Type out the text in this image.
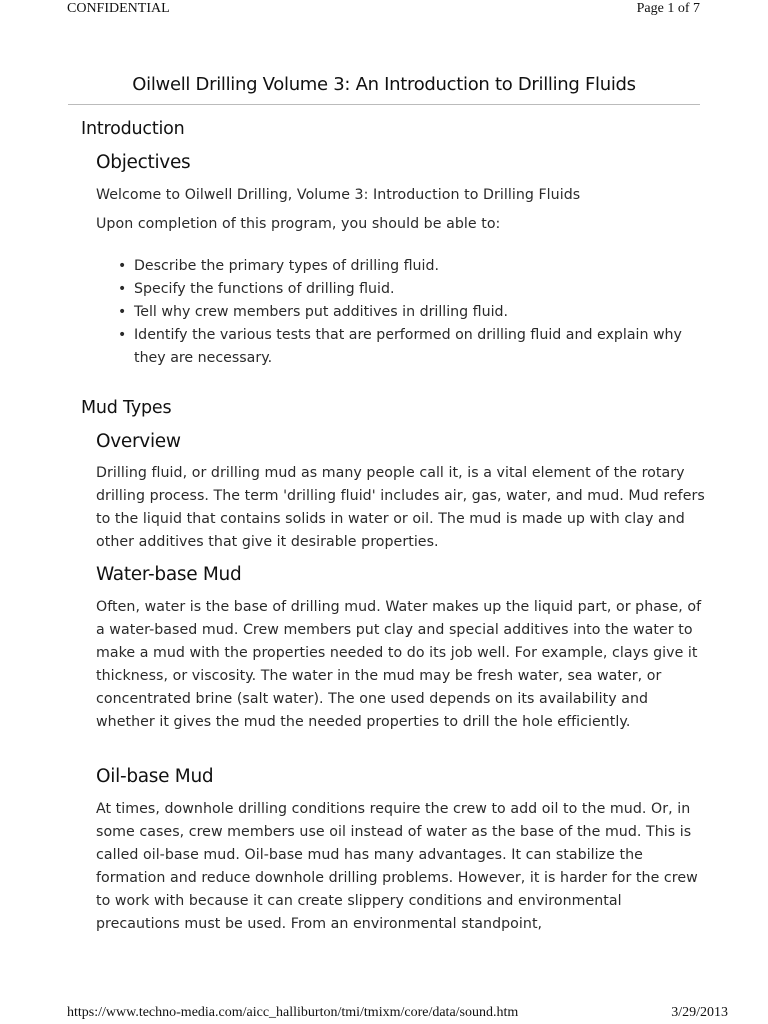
CONFIDENTIAL	Page 1 of 7
Oilwell Drilling Volume 3: An Introduction to Drilling Fluids
Introduction
Objectives
Welcome to Oilwell Drilling, Volume 3: Introduction to Drilling Fluids
Upon completion of this program, you should be able to:
• Describe the primary types of drilling fluid.
• Specify the functions of drilling fluid.
• Tell why crew members put additives in drilling fluid.
• Identify the various tests that are performed on drilling fluid and explain why they are necessary.
Mud Types
Overview
Drilling fluid, or drilling mud as many people call it, is a vital element of the rotary drilling process. The term 'drilling fluid' includes air, gas, water, and mud. Mud refers to the liquid that contains solids in water or oil. The mud is made up with clay and other additives that give it desirable properties.
Water-base Mud
Often, water is the base of drilling mud. Water makes up the liquid part, or phase, of a water-based mud. Crew members put clay and special additives into the water to make a mud with the properties needed to do its job well. For example, clays give it thickness, or viscosity. The water in the mud may be fresh water, sea water, or concentrated brine (salt water). The one used depends on its availability and whether it gives the mud the needed properties to drill the hole efficiently.
Oil-base Mud
At times, downhole drilling conditions require the crew to add oil to the mud. Or, in some cases, crew members use oil instead of water as the base of the mud. This is called oil-base mud. Oil-base mud has many advantages. It can stabilize the formation and reduce downhole drilling problems. However, it is harder for the crew to work with because it can create slippery conditions and environmental precautions must be used. From an environmental standpoint,
https://www.techno-media.com/aicc_halliburton/tmi/tmixm/core/data/sound.htm	3/29/2013
